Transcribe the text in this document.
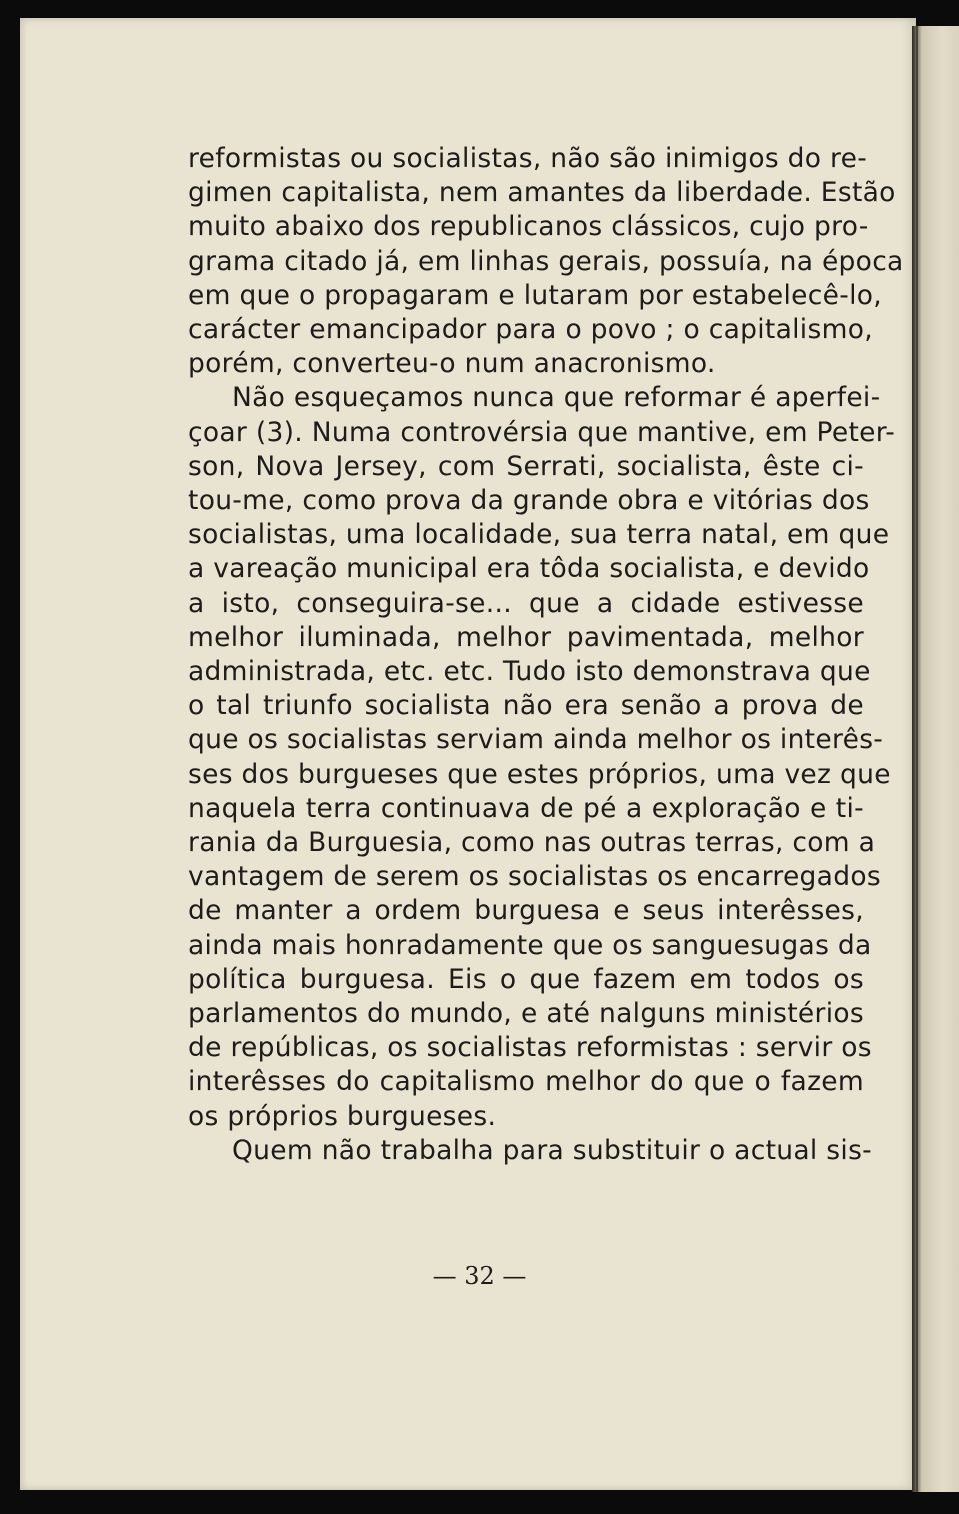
reformistas ou socialistas, não são inimigos do re-
gimen capitalista, nem amantes da liberdade. Estão
muito abaixo dos republicanos clássicos, cujo pro-
grama citado já, em linhas gerais, possuía, na época
em que o propagaram e lutaram por estabelecê-lo,
carácter emancipador para o povo ; o capitalismo,
porém, converteu-o num anacronismo.
Não esqueçamos nunca que reformar é aperfei-
çoar (3). Numa controvérsia que mantive, em Peter-
son, Nova Jersey, com Serrati, socialista, êste ci-
tou-me, como prova da grande obra e vitórias dos
socialistas, uma localidade, sua terra natal, em que
a vareação municipal era tôda socialista, e devido
a isto, conseguira-se... que a cidade estivesse
melhor iluminada, melhor pavimentada, melhor
administrada, etc. etc. Tudo isto demonstrava que
o tal triunfo socialista não era senão a prova de
que os socialistas serviam ainda melhor os interês-
ses dos burgueses que estes próprios, uma vez que
naquela terra continuava de pé a exploração e ti-
rania da Burguesia, como nas outras terras, com a
vantagem de serem os socialistas os encarregados
de manter a ordem burguesa e seus interêsses,
ainda mais honradamente que os sanguesugas da
política burguesa. Eis o que fazem em todos os
parlamentos do mundo, e até nalguns ministérios
de repúblicas, os socialistas reformistas : servir os
interêsses do capitalismo melhor do que o fazem
os próprios burgueses.
Quem não trabalha para substituir o actual sis-
— 32 —
